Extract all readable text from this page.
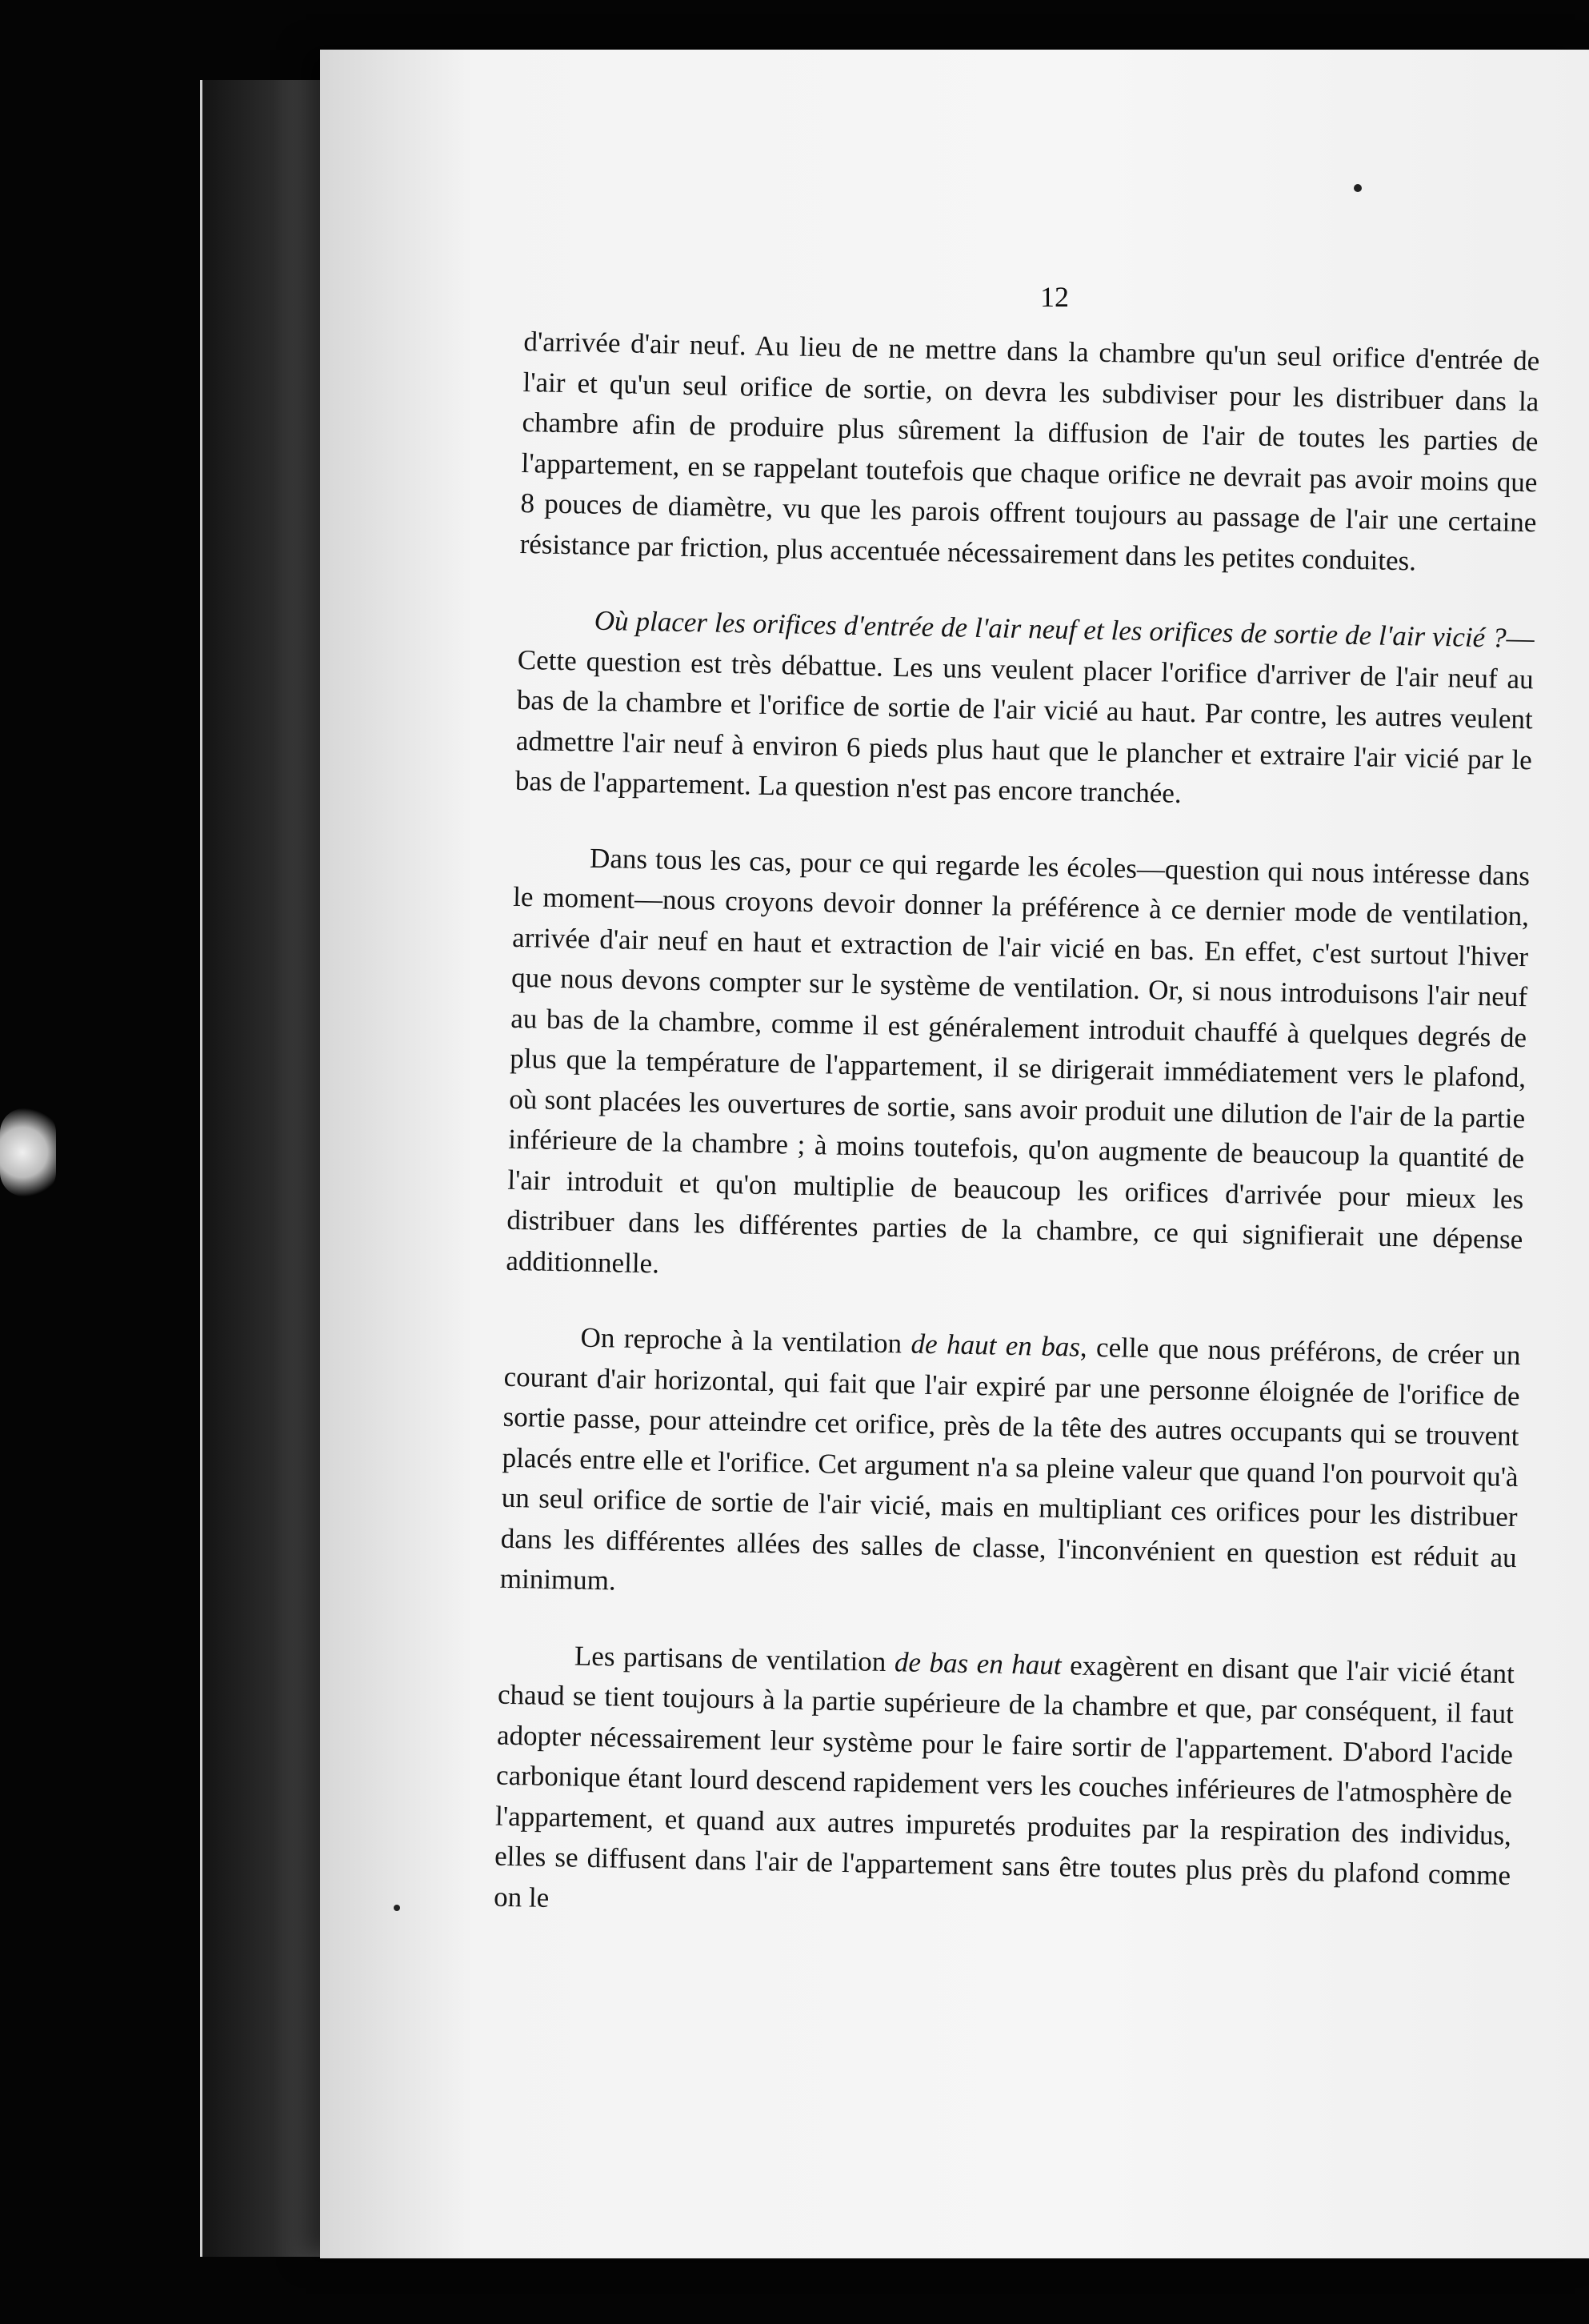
12

d'arrivée d'air neuf. Au lieu de ne mettre dans la chambre qu'un seul orifice d'entrée de l'air et qu'un seul orifice de sortie, on devra les subdiviser pour les distribuer dans la chambre afin de produire plus sûrement la diffusion de l'air de toutes les parties de l'appartement, en se rappelant toutefois que chaque orifice ne devrait pas avoir moins que 8 pouces de diamètre, vu que les parois offrent toujours au passage de l'air une certaine résistance par friction, plus accentuée nécessairement dans les petites conduites.

Où placer les orifices d'entrée de l'air neuf et les orifices de sortie de l'air vicié ?—Cette question est très débattue. Les uns veulent placer l'orifice d'arriver de l'air neuf au bas de la chambre et l'orifice de sortie de l'air vicié au haut. Par contre, les autres veulent admettre l'air neuf à environ 6 pieds plus haut que le plancher et extraire l'air vicié par le bas de l'appartement. La question n'est pas encore tranchée.

Dans tous les cas, pour ce qui regarde les écoles—question qui nous intéresse dans le moment—nous croyons devoir donner la préférence à ce dernier mode de ventilation, arrivée d'air neuf en haut et extraction de l'air vicié en bas. En effet, c'est surtout l'hiver que nous devons compter sur le système de ventilation. Or, si nous introduisons l'air neuf au bas de la chambre, comme il est généralement introduit chauffé à quelques degrés de plus que la température de l'appartement, il se dirigerait immédiatement vers le plafond, où sont placées les ouvertures de sortie, sans avoir produit une dilution de l'air de la partie inférieure de la chambre ; à moins toutefois, qu'on augmente de beaucoup la quantité de l'air introduit et qu'on multiplie de beaucoup les orifices d'arrivée pour mieux les distribuer dans les différentes parties de la chambre, ce qui signifierait une dépense additionnelle.

On reproche à la ventilation de haut en bas, celle que nous préférons, de créer un courant d'air horizontal, qui fait que l'air expiré par une personne éloignée de l'orifice de sortie passe, pour atteindre cet orifice, près de la tête des autres occupants qui se trouvent placés entre elle et l'orifice. Cet argument n'a sa pleine valeur que quand l'on pourvoit qu'à un seul orifice de sortie de l'air vicié, mais en multipliant ces orifices pour les distribuer dans les différentes allées des salles de classe, l'inconvénient en question est réduit au minimum.

Les partisans de ventilation de bas en haut exagèrent en disant que l'air vicié étant chaud se tient toujours à la partie supérieure de la chambre et que, par conséquent, il faut adopter nécessairement leur système pour le faire sortir de l'appartement. D'abord l'acide carbonique étant lourd descend rapidement vers les couches inférieures de l'atmosphère de l'appartement, et quand aux autres impuretés produites par la respiration des individus, elles se diffusent dans l'air de l'appartement sans être toutes plus près du plafond comme on le
